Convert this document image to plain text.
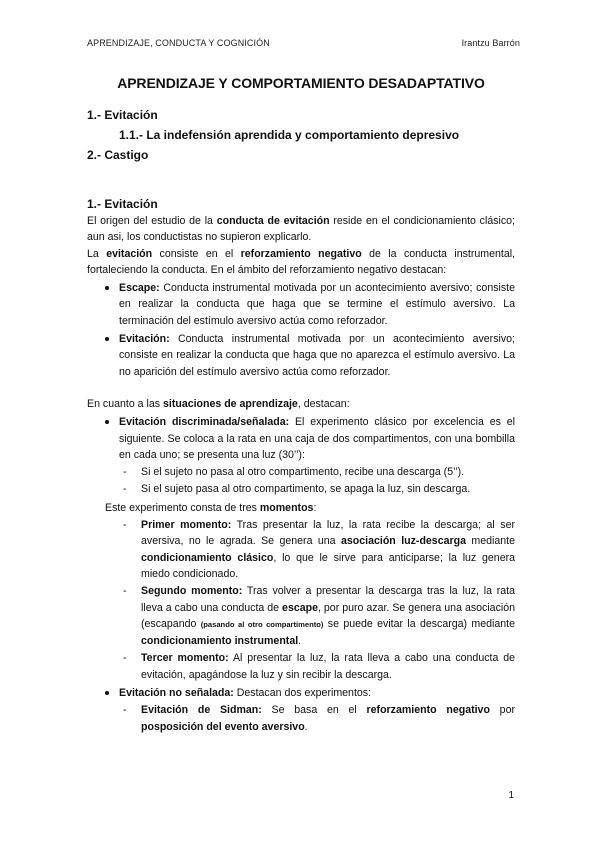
APRENDIZAJE, CONDUCTA Y COGNICIÓN	Irantzu Barrón
APRENDIZAJE Y COMPORTAMIENTO DESADAPTATIVO
1.- Evitación
1.1.- La indefensión aprendida y comportamiento depresivo
2.- Castigo
1.- Evitación

El origen del estudio de la conducta de evitación reside en el condicionamiento clásico; aun asi, los conductistas no supieron explicarlo.

La evitación consiste en el reforzamiento negativo de la conducta instrumental, fortaleciendo la conducta. En el ámbito del reforzamiento negativo destacan:

Escape: Conducta instrumental motivada por un acontecimiento aversivo; consiste en realizar la conducta que haga que se termine el estímulo aversivo. La terminación del estímulo aversivo actúa como reforzador.
Evitación: Conducta instrumental motivada por un acontecimiento aversivo; consiste en realizar la conducta que haga que no aparezca el estímulo aversivo. La no aparición del estímulo aversivo actúa como reforzador.

En cuanto a las situaciones de aprendizaje, destacan:

Evitación discriminada/señalada: El experimento clásico por excelencia es el siguiente. Se coloca a la rata en una caja de dos compartimentos, con una bombilla en cada uno; se presenta una luz (30’’):
- Si el sujeto no pasa al otro compartimento, recibe una descarga (5’’).
- Si el sujeto pasa al otro compartimento, se apaga la luz, sin descarga.
Este experimento consta de tres momentos:
- Primer momento: Tras presentar la luz, la rata recibe la descarga; al ser aversiva, no le agrada. Se genera una asociación luz-descarga mediante condicionamiento clásico, lo que le sirve para anticiparse; la luz genera miedo condicionado.
- Segundo momento: Tras volver a presentar la descarga tras la luz, la rata lleva a cabo una conducta de escape, por puro azar. Se genera una asociación (escapando (pasando al otro compartimento) se puede evitar la descarga) mediante condicionamiento instrumental.
- Tercer momento: Al presentar la luz, la rata lleva a cabo una conducta de evitación, apagándose la luz y sin recibir la descarga.
Evitación no señalada: Destacan dos experimentos:
- Evitación de Sidman: Se basa en el reforzamiento negativo por posposición del evento aversivo.
1
